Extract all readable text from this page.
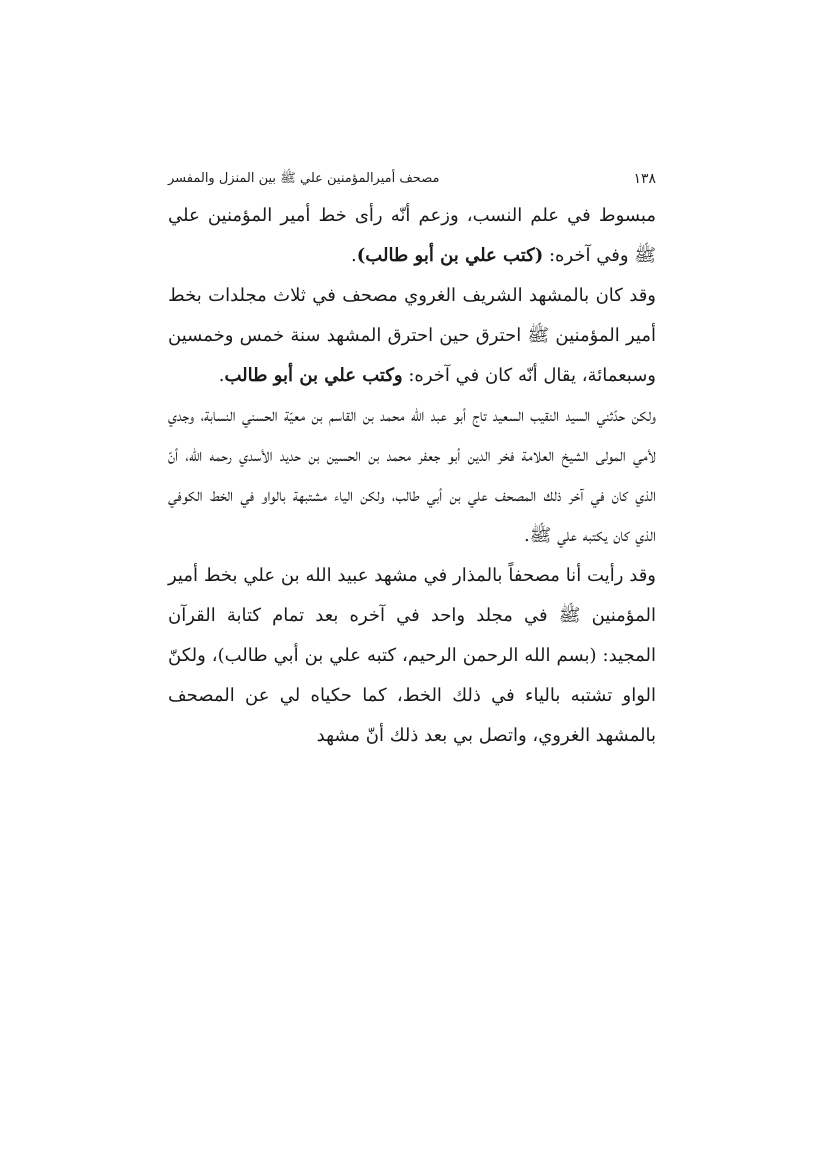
١٣٨
مصحف أميرالمؤمنين علي ﷺ بين المنزل والمفسر

مبسوط في علم النسب، وزعم أنّه رأى خط أمير المؤمنين علي ﷺ وفي آخره: (كتب علي بن أبو طالب).

وقد كان بالمشهد الشريف الغروي مصحف في ثلاث مجلدات بخط أمير المؤمنين ﷺ احترق حين احترق المشهد سنة خمس وخمسين وسبعمائة، يقال أنّه كان في آخره: وكتب علي بن أبو طالب.

ولكن حدّثني السيد النقيب السعيد تاج أبو عبد الله محمد بن القاسم بن معيّة الحسني النسابة، وجدي لأمي المولى الشيخ العلامة فخر الدين أبو جعفر محمد بن الحسين بن حديد الأسدي رحمه الله، أنّ الذي كان في آخر ذلك المصحف علي بن أبي طالب، ولكن الياء مشتبهة بالواو في الخط الكوفي الذي كان يكتبه علي ﷺ.

وقد رأيت أنا مصحفاً بالمذار في مشهد عبيد الله بن علي بخط أمير المؤمنين ﷺ في مجلد واحد في آخره بعد تمام كتابة القرآن المجيد: (بسم الله الرحمن الرحيم، كتبه علي بن أبي طالب)، ولكنّ الواو تشتبه بالياء في ذلك الخط، كما حكياه لي عن المصحف بالمشهد الغروي، واتصل بي بعد ذلك أنّ مشهد
